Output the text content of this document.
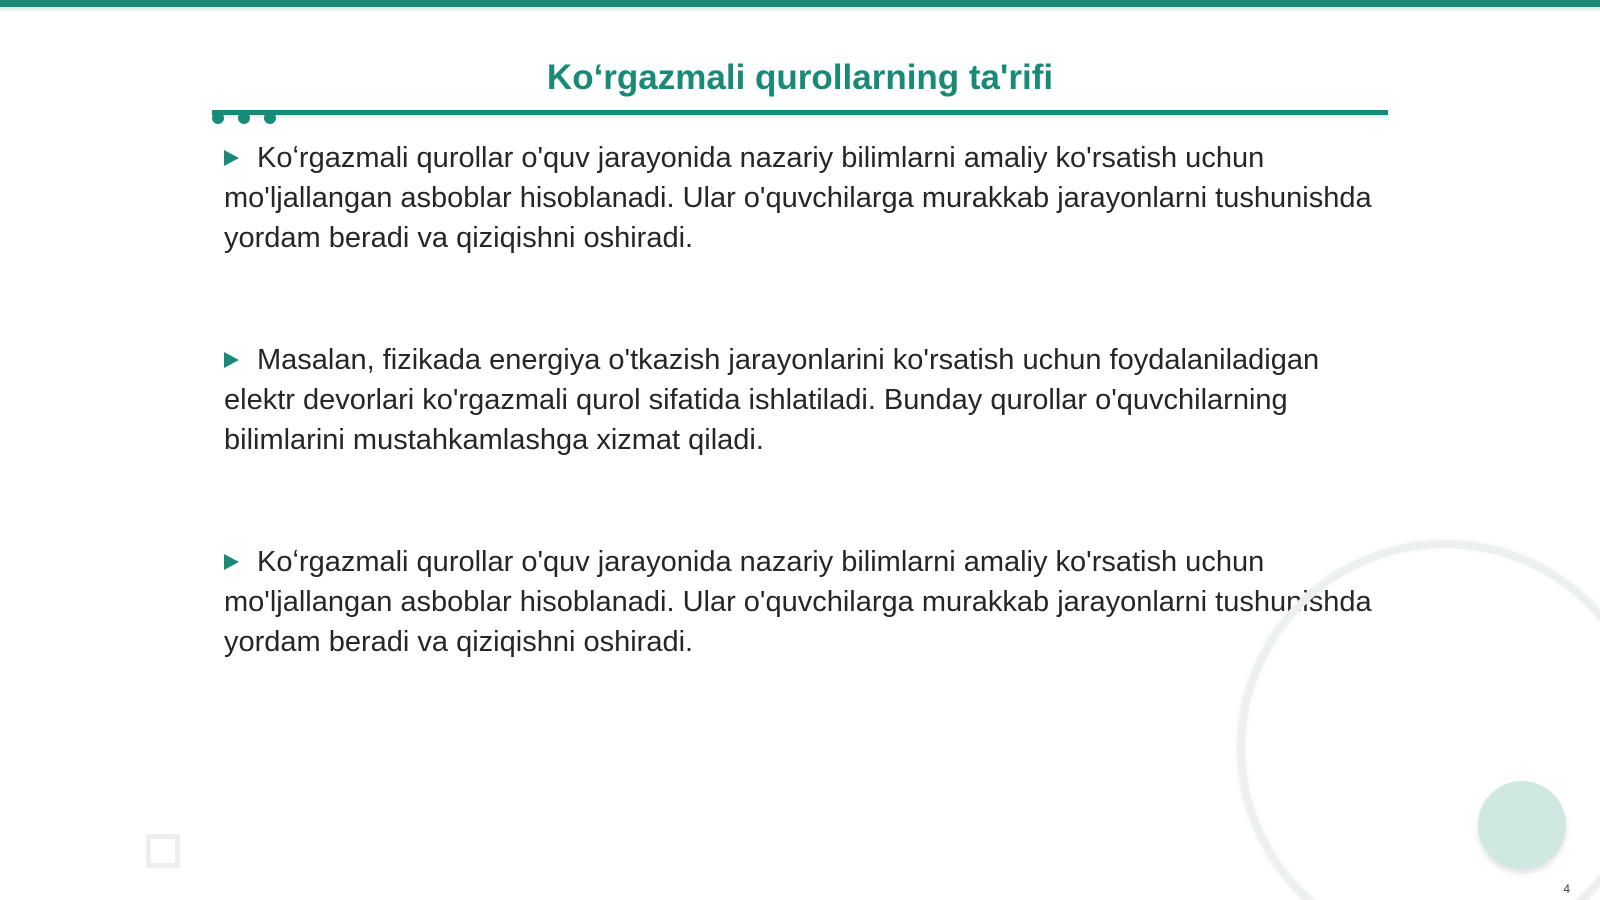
Koʻrgazmali qurollarning ta'rifi

Koʻrgazmali qurollar o'quv jarayonida nazariy bilimlarni amaliy ko'rsatish uchun mo'ljallangan asboblar hisoblanadi. Ular o'quvchilarga murakkab jarayonlarni tushunishda yordam beradi va qiziqishni oshiradi.

Masalan, fizikada energiya o'tkazish jarayonlarini ko'rsatish uchun foydalaniladigan elektr devorlari ko'rgazmali qurol sifatida ishlatiladi. Bunday qurollar o'quvchilarning bilimlarini mustahkamlashga xizmat qiladi.

Koʻrgazmali qurollar o'quv jarayonida nazariy bilimlarni amaliy ko'rsatish uchun mo'ljallangan asboblar hisoblanadi. Ular o'quvchilarga murakkab jarayonlarni tushunishda yordam beradi va qiziqishni oshiradi.

4
